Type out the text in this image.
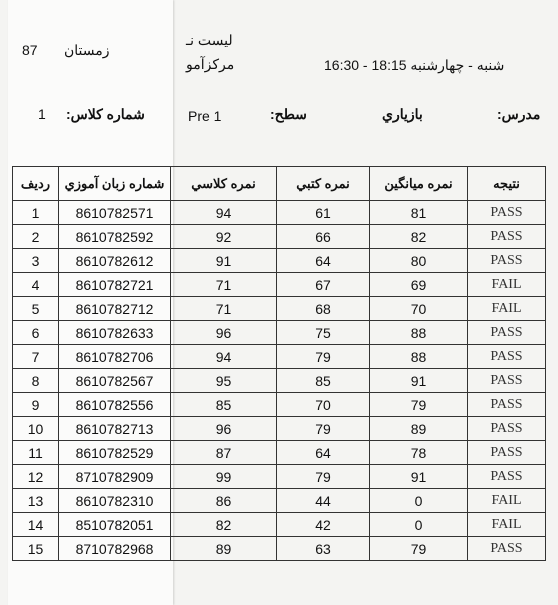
87 زمستان
لیست نـ
مرکزآمو	شنبه - چهارشنبه 18:15 - 16:30
1 شماره کلاس:	Pre 1	سطح:	بازياري	مدرس:
رديف	شماره زبان آموزي	نمره کلاسي	نمره کتبي	نمره ميانگين	نتيجه
1	8610782571	94	61	81	PASS
2	8610782592	92	66	82	PASS
3	8610782612	91	64	80	PASS
4	8610782721	71	67	69	FAIL
5	8610782712	71	68	70	FAIL
6	8610782633	96	75	88	PASS
7	8610782706	94	79	88	PASS
8	8610782567	95	85	91	PASS
9	8610782556	85	70	79	PASS
10	8610782713	96	79	89	PASS
11	8610782529	87	64	78	PASS
12	8710782909	99	79	91	PASS
13	8610782310	86	44	0	FAIL
14	8510782051	82	42	0	FAIL
15	8710782968	89	63	79	PASS
